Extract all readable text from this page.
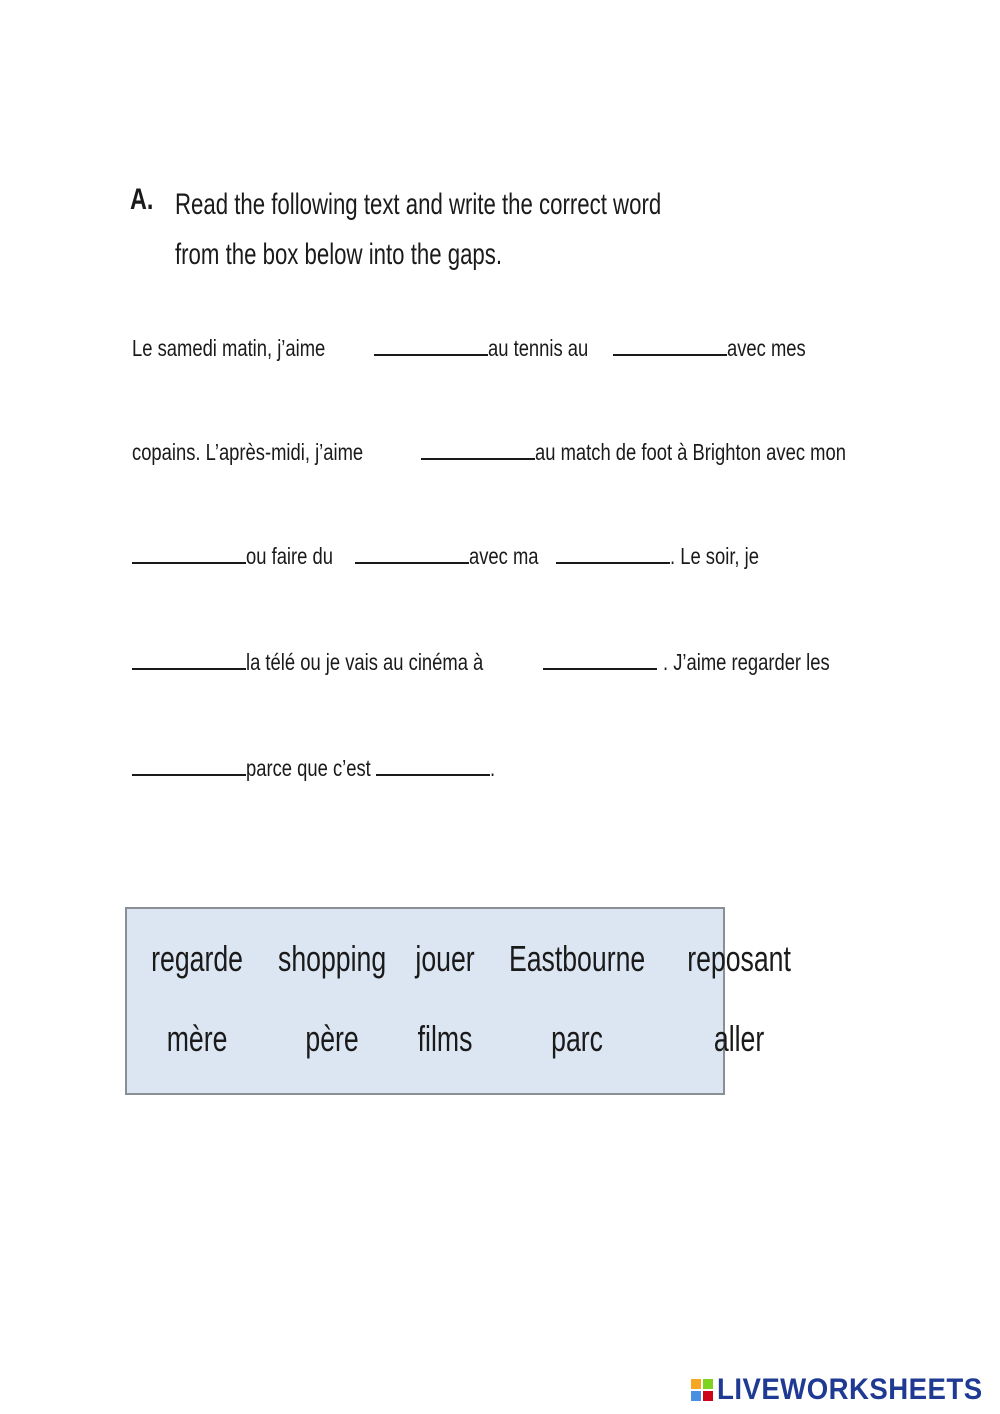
A. Read the following text and write the correct word from the box below into the gaps.
Le samedi matin, j’aime	au tennis au	avec mes
copains. L’après-midi, j’aime	au match de foot à Brighton avec mon
ou faire du	avec ma	. Le soir, je
la télé ou je vais au cinéma à	. J’aime regarder les
parce que c’est	.
regarde shopping jouer Eastbourne reposant
mère	père	films	parc	aller
LIVEWORKSHEETS
